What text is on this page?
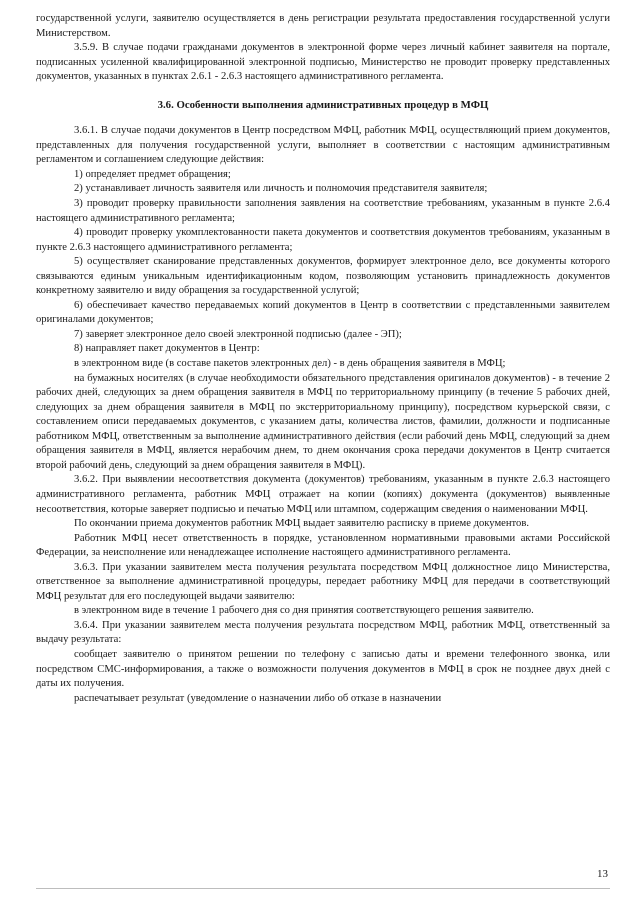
государственной услуги, заявителю осуществляется в день регистрации результата предоставления государственной услуги Министерством.

3.5.9. В случае подачи гражданами документов в электронной форме через личный кабинет заявителя на портале, подписанных усиленной квалифицированной электронной подписью, Министерство не проводит проверку представленных документов, указанных в пунктах 2.6.1 - 2.6.3 настоящего административного регламента.

3.6. Особенности выполнения административных процедур в МФЦ

3.6.1. В случае подачи документов в Центр посредством МФЦ, работник МФЦ, осуществляющий прием документов, представленных для получения государственной услуги, выполняет в соответствии с настоящим административным регламентом и соглашением следующие действия:

1) определяет предмет обращения;

2) устанавливает личность заявителя или личность и полномочия представителя заявителя;

3) проводит проверку правильности заполнения заявления на соответствие требованиям, указанным в пункте 2.6.4 настоящего административного регламента;

4) проводит проверку укомплектованности пакета документов и соответствия документов требованиям, указанным в пункте 2.6.3 настоящего административного регламента;

5) осуществляет сканирование представленных документов, формирует электронное дело, все документы которого связываются единым уникальным идентификационным кодом, позволяющим установить принадлежность документов конкретному заявителю и виду обращения за государственной услугой;

6) обеспечивает качество передаваемых копий документов в Центр в соответствии с представленными заявителем оригиналами документов;

7) заверяет электронное дело своей электронной подписью (далее - ЭП);

8) направляет пакет документов в Центр:

в электронном виде (в составе пакетов электронных дел) - в день обращения заявителя в МФЦ;

на бумажных носителях (в случае необходимости обязательного представления оригиналов документов) - в течение 2 рабочих дней, следующих за днем обращения заявителя в МФЦ по территориальному принципу (в течение 5 рабочих дней, следующих за днем обращения заявителя в МФЦ по экстерриториальному принципу), посредством курьерской связи, с составлением описи передаваемых документов, с указанием даты, количества листов, фамилии, должности и подписанные работником МФЦ, ответственным за выполнение административного действия (если рабочий день МФЦ, следующий за днем обращения заявителя в МФЦ, является нерабочим днем, то днем окончания срока передачи документов в Центр считается второй рабочий день, следующий за днем обращения заявителя в МФЦ).

3.6.2. При выявлении несоответствия документа (документов) требованиям, указанным в пункте 2.6.3 настоящего административного регламента, работник МФЦ отражает на копии (копиях) документа (документов) выявленные несоответствия, которые заверяет подписью и печатью МФЦ или штампом, содержащим сведения о наименовании МФЦ.

По окончании приема документов работник МФЦ выдает заявителю расписку в приеме документов.

Работник МФЦ несет ответственность в порядке, установленном нормативными правовыми актами Российской Федерации, за неисполнение или ненадлежащее исполнение настоящего административного регламента.

3.6.3. При указании заявителем места получения результата посредством МФЦ должностное лицо Министерства, ответственное за выполнение административной процедуры, передает работнику МФЦ для передачи в соответствующий МФЦ результат для его последующей выдачи заявителю:

в электронном виде в течение 1 рабочего дня со дня принятия соответствующего решения заявителю.

3.6.4. При указании заявителем места получения результата посредством МФЦ, работник МФЦ, ответственный за выдачу результата:

сообщает заявителю о принятом решении по телефону с записью даты и времени телефонного звонка, или посредством СМС-информирования, а также о возможности получения документов в МФЦ в срок не позднее двух дней с даты их получения.

распечатывает результат (уведомление о назначении либо об отказе в назначении

13
